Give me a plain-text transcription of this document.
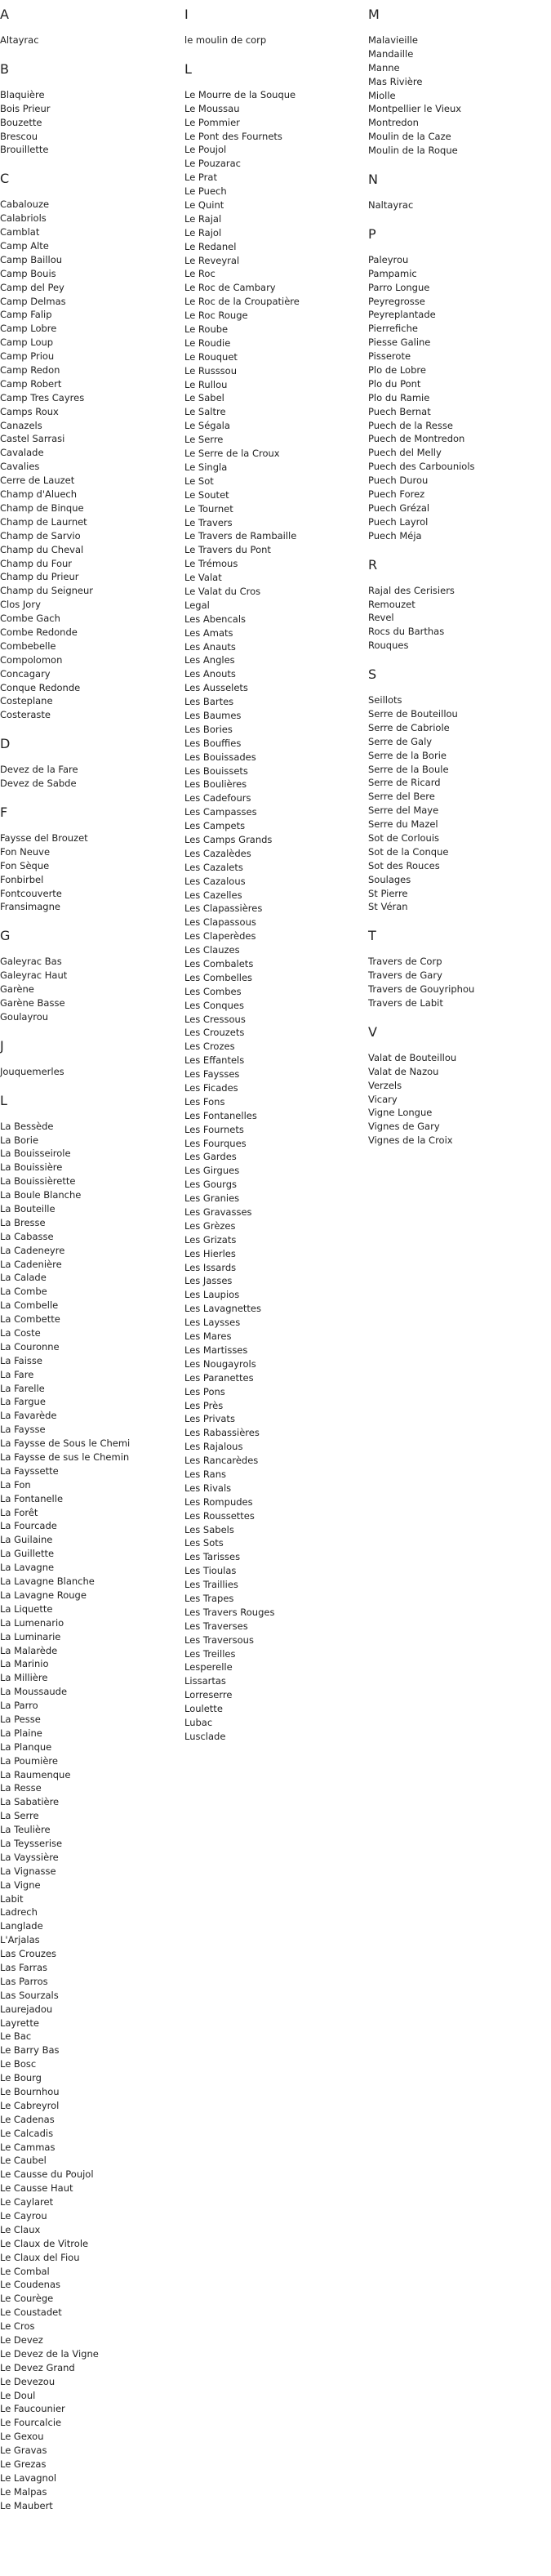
A
Altayrac
B
Blaquière
Bois Prieur
Bouzette
Brescou
Brouillette
C
Cabalouze
Calabriols
Camblat
Camp Alte
Camp Baillou
Camp Bouis
Camp del Pey
Camp Delmas
Camp Falip
Camp Lobre
Camp Loup
Camp Priou
Camp Redon
Camp Robert
Camp Tres Cayres
Camps Roux
Canazels
Castel Sarrasi
Cavalade
Cavalies
Cerre de Lauzet
Champ d'Aluech
Champ de Binque
Champ de Laurnet
Champ de Sarvio
Champ du Cheval
Champ du Four
Champ du Prieur
Champ du Seigneur
Clos Jory
Combe Gach
Combe Redonde
Combebelle
Compolomon
Concagary
Conque Redonde
Costeplane
Costeraste
D
Devez de la Fare
Devez de Sabde
F
Faysse del Brouzet
Fon Neuve
Fon Sèque
Fonbirbel
Fontcouverte
Fransimagne
G
Galeyrac Bas
Galeyrac Haut
Garène
Garène Basse
Goulayrou
J
Jouquemerles
L
La Bessède
La Borie
La Bouisseirole
La Bouissière
La Bouissièrette
La Boule Blanche
La Bouteille
La Bresse
La Cabasse
La Cadeneyre
La Cadenière
La Calade
La Combe
La Combelle
La Combette
La Coste
La Couronne
La Faisse
La Fare
La Farelle
La Fargue
La Favarède
La Faysse
La Faysse de Sous le Chemi
La Faysse de sus le Chemin
La Fayssette
La Fon
La Fontanelle
La Forêt
La Fourcade
La Guilaine
La Guillette
La Lavagne
La Lavagne Blanche
La Lavagne Rouge
La Liquette
La Lumenario
La Luminarie
La Malarède
La Marinio
La Millière
La Moussaude
La Parro
La Pesse
La Plaine
La Planque
La Poumière
La Raumenque
La Resse
La Sabatière
La Serre
La Teulière
La Teysserise
La Vayssière
La Vignasse
La Vigne
Labit
Ladrech
Langlade
L'Arjalas
Las Crouzes
Las Farras
Las Parros
Las Sourzals
Laurejadou
Layrette
Le Bac
Le Barry Bas
Le Bosc
Le Bourg
Le Bournhou
Le Cabreyrol
Le Cadenas
Le Calcadis
Le Cammas
Le Caubel
Le Causse du Poujol
Le Causse Haut
Le Caylaret
Le Cayrou
Le Claux
Le Claux de Vitrole
Le Claux del Fiou
Le Combal
Le Coudenas
Le Courège
Le Coustadet
Le Cros
Le Devez
Le Devez de la Vigne
Le Devez Grand
Le Devezou
Le Doul
Le Faucounier
Le Fourcalcie
Le Gexou
Le Gravas
Le Grezas
Le Lavagnol
Le Malpas
Le Maubert
I
le moulin de corp
L
Le Mourre de la Souque
Le Moussau
Le Pommier
Le Pont des Fournets
Le Poujol
Le Pouzarac
Le Prat
Le Puech
Le Quint
Le Rajal
Le Rajol
Le Redanel
Le Reveyral
Le Roc
Le Roc de Cambary
Le Roc de la Croupatière
Le Roc Rouge
Le Roube
Le Roudie
Le Rouquet
Le Russsou
Le Rullou
Le Sabel
Le Saltre
Le Ségala
Le Serre
Le Serre de la Croux
Le Singla
Le Sot
Le Soutet
Le Tournet
Le Travers
Le Travers de Rambaille
Le Travers du Pont
Le Trémous
Le Valat
Le Valat du Cros
Legal
Les Abencals
Les Amats
Les Anauts
Les Angles
Les Anouts
Les Ausselets
Les Bartes
Les Baumes
Les Bories
Les Bouffies
Les Bouissades
Les Bouissets
Les Boulières
Les Cadefours
Les Campasses
Les Campets
Les Camps Grands
Les Cazalèdes
Les Cazalets
Les Cazalous
Les Cazelles
Les Clapassières
Les Clapassous
Les Claperèdes
Les Clauzes
Les Combalets
Les Combelles
Les Combes
Les Conques
Les Cressous
Les Crouzets
Les Crozes
Les Effantels
Les Faysses
Les Ficades
Les Fons
Les Fontanelles
Les Fournets
Les Fourques
Les Gardes
Les Girgues
Les Gourgs
Les Granies
Les Gravasses
Les Grèzes
Les Grizats
Les Hierles
Les Issards
Les Jasses
Les Laupios
Les Lavagnettes
Les Laysses
Les Mares
Les Martisses
Les Nougayrols
Les Paranettes
Les Pons
Les Près
Les Privats
Les Rabassières
Les Rajalous
Les Rancarèdes
Les Rans
Les Rivals
Les Rompudes
Les Roussettes
Les Sabels
Les Sots
Les Tarisses
Les Tioulas
Les Traillies
Les Trapes
Les Travers Rouges
Les Traverses
Les Traversous
Les Treilles
Lesperelle
Lissartas
Lorreserre
Loulette
Lubac
Lusclade
M
Malavieille
Mandaille
Manne
Mas Rivière
Miolle
Montpellier le Vieux
Montredon
Moulin de la Caze
Moulin de la Roque
N
Naltayrac
P
Paleyrou
Pampamic
Parro Longue
Peyregrosse
Peyreplantade
Pierrefiche
Piesse Galine
Pisserote
Plo de Lobre
Plo du Pont
Plo du Ramie
Puech Bernat
Puech de la Resse
Puech de Montredon
Puech del Melly
Puech des Carbouniols
Puech Durou
Puech Forez
Puech Grézal
Puech Layrol
Puech Méja
R
Rajal des Cerisiers
Remouzet
Revel
Rocs du Barthas
Rouques
S
Seillots
Serre de Bouteillou
Serre de Cabriole
Serre de Galy
Serre de la Borie
Serre de la Boule
Serre de Ricard
Serre del Bere
Serre del Maye
Serre du Mazel
Sot de Corlouis
Sot de la Conque
Sot des Rouces
Soulages
St Pierre
St Véran
T
Travers de Corp
Travers de Gary
Travers de Gouyriphou
Travers de Labit
V
Valat de Bouteillou
Valat de Nazou
Verzels
Vicary
Vigne Longue
Vignes de Gary
Vignes de la Croix
